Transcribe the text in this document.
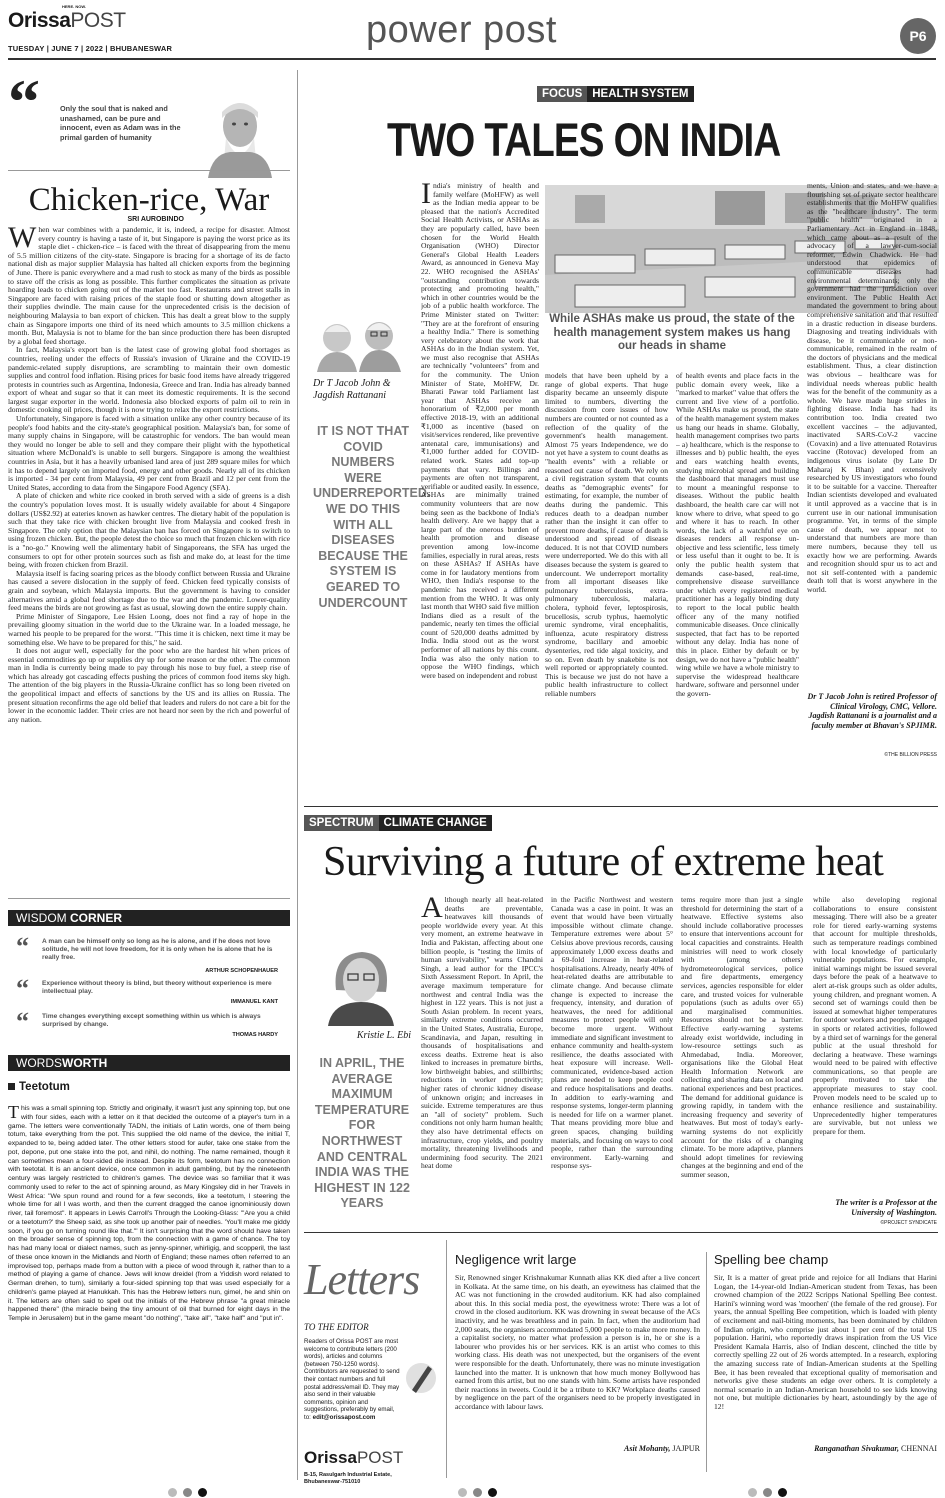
OrissaPOST
HERE. NOW.
TUESDAY | JUNE 7 | 2022 | BHUBANESWAR	power post	P6
“	Only the soul that is naked and unashamed, can be pure and innocent, even as Adam was in the primal garden of humanity
SRI AUROBINDO
Chicken-rice, War
W hen war combines with a pandemic, it is, indeed, a recipe for disaster. Almost every country is having a taste of it, but Singapore is paying the worst price as its staple diet - chicken-rice – is faced with the threat of disappearing from the menu of 5.5 million citizens of the city-state. Singapore is bracing for a shortage of its de facto national dish as major supplier Malaysia has halted all chicken exports from the beginning of June. There is panic everywhere and a mad rush to stock as many of the birds as possible to stave off the crisis as long as possible. This further complicates the situation as private hoarding leads to chicken going out of the market too fast. Restaurants and street stalls in Singapore are faced with raising prices of the staple food or shutting down altogether as their supplies dwindle. The main cause for the unprecedented crisis is the decision of neighbouring Malaysia to ban export of chicken. This has dealt a great blow to the supply chain as Singapore imports one third of its need which amounts to 3.5 million chickens a month. But, Malaysia is not to blame for the ban since production there has been disrupted by a global feed shortage.

In fact, Malaysia's export ban is the latest case of growing global food shortages as countries, reeling under the effects of Russia's invasion of Ukraine and the COVID-19 pandemic-related supply disruptions, are scrambling to maintain their own domestic supplies and control food inflation. Rising prices for basic food items have already triggered protests in countries such as Argentina, Indonesia, Greece and Iran. India has already banned export of wheat and sugar so that it can meet its domestic requirements. It is the second largest sugar exporter in the world. Indonesia also blocked exports of palm oil to rein in domestic cooking oil prices, though it is now trying to relax the export restrictions.

Unfortunately, Singapore is faced with a situation unlike any other country because of its people's food habits and the city-state's geographical position. Malaysia's ban, for some of many supply chains in Singapore, will be catastrophic for vendors. The ban would mean they would no longer be able to sell and they compare their plight with the hypothetical situation where McDonald's is unable to sell burgers. Singapore is among the wealthiest countries in Asia, but it has a heavily urbanised land area of just 289 square miles for which it has to depend largely on imported food, energy and other goods. Nearly all of its chicken is imported - 34 per cent from Malaysia, 49 per cent from Brazil and 12 per cent from the United States, according to data from the Singapore Food Agency (SFA).

A plate of chicken and white rice cooked in broth served with a side of greens is a dish the country's population loves most. It is usually widely available for about 4 Singapore dollars (US$2.92) at eateries known as hawker centres. The dietary habit of the population is such that they take rice with chicken brought live from Malaysia and cooked fresh in Singapore. The only option that the Malaysian ban has forced on Singapore is to switch to using frozen chicken. But, the people detest the choice so much that frozen chicken with rice is a "no-go." Knowing well the alimentary habit of Singaporeans, the SFA has urged the consumers to opt for other protein sources such as fish and make do, at least for the time being, with frozen chicken from Brazil.

Malaysia itself is facing soaring prices as the bloody conflict between Russia and Ukraine has caused a severe dislocation in the supply of feed. Chicken feed typically consists of grain and soybean, which Malaysia imports. But the government is having to consider alternatives amid a global feed shortage due to the war and the pandemic. Lower-quality feed means the birds are not growing as fast as usual, slowing down the entire supply chain.

Prime Minister of Singapore, Lee Hsien Loong, does not find a ray of hope in the prevailing gloomy situation in the world due to the Ukraine war. In a loaded message, he warned his people to be prepared for the worst. "This time it is chicken, next time it may be something else. We have to be prepared for this," he said.

It does not augur well, especially for the poor who are the hardest hit when prices of essential commodities go up or supplies dry up for some reason or the other. The common man in India is currently being made to pay through his nose to buy fuel, a steep rise of which has already got cascading effects pushing the prices of common food items sky high. The attention of the big players in the Russia-Ukraine conflict has so long been riveted on the geopolitical impact and effects of sanctions by the US and its allies on Russia. The present situation reconfirms the age old belief that leaders and rulers do not care a bit for the lower in the economic ladder. Their cries are not heard nor seen by the rich and powerful of any nation.

WISDOM CORNER
“ A man can be himself only so long as he is alone, and if he does not love solitude, he will not love freedom, for it is only when he is alone that he is really free.
ARTHUR SCHOPENHAUER
“ Experience without theory is blind, but theory without experience is mere intellectual play.
IMMANUEL KANT
“ Time changes everything except something within us which is always surprised by change.
THOMAS HARDY
WORDSWORTH
Teetotum
This was a small spinning top. Strictly and originally, it wasn't just any spinning top, but one with four sides, each with a letter on it that decided the outcome of a player's turn in a game. The letters were conventionally TADN, the initials of Latin words, one of them being totum, take everything from the pot. This supplied the old name of the device, the initial T, expanded to te, being added later. The other letters stood for aufer, take one stake from the pot, depone, put one stake into the pot, and nihil, do nothing. The name remained, though it can sometimes mean a four-sided die instead. Despite its form, teetotum has no connection with teetotal. It is an ancient device, once common in adult gambling, but by the nineteenth century was largely restricted to children's games. The device was so familiar that it was commonly used to refer to the act of spinning around, as Mary Kingsley did in her Travels in West Africa: "We spun round and round for a few seconds, like a teetotum, I steering the whole time for all I was worth, and then the current dragged the canoe ignominiously down river, tail foremost". It appears in Lewis Carroll's Through the Looking-Glass: "'Are you a child or a teetotum?' the Sheep said, as she took up another pair of needles. 'You'll make me giddy soon, if you go on turning round like that.'" It isn't surprising that the word should have taken on the broader sense of spinning top, from the connection with a game of chance. The toy has had many local or dialect names, such as jenny-spinner, whirligig, and scopperil, the last of these once known in the Midlands and North of England; these names often referred to an improvised top, perhaps made from a button with a piece of wood through it, rather than to a method of playing a game of chance. Jews will know dreidel (from a Yiddish word related to German drehen, to turn), similarly a four-sided spinning top that was used especially for a children's game played at Hanukkah. This has the Hebrew letters nun, gimel, he and shin on it. The letters are often said to spell out the initials of the Hebrew phrase "a great miracle happened there" (the miracle being the tiny amount of oil that burned for eight days in the Temple in Jerusalem) but in the game meant "do nothing", "take all", "take half" and "put in".
FOCUS HEALTH SYSTEM
TWO TALES ON INDIA
Dr T Jacob John & Jagdish Rattanani
IT IS NOT THAT COVID NUMBERS WERE UNDERREPORTED. WE DO THIS WITH ALL DISEASES BECAUSE THE SYSTEM IS GEARED TO UNDERCOUNT
While ASHAs make us proud, the state of the health management system makes us hang our heads in shame
India's ministry of health and family welfare (MoHFW) as well as the Indian media appear to be pleased that the nation's Accredited Social Health Activists, or ASHAs as they are popularly called, have been chosen for the World Health Organisation (WHO) Director General's Global Health Leaders Award, as announced in Geneva May 22. WHO recognised the ASHAs' "outstanding contribution towards protecting and promoting health," which in other countries would be the job of a public health workforce. The Prime Minister stated on Twitter: "They are at the forefront of ensuring a healthy India." There is something very celebratory about the work that ASHAs do in the Indian system. Yet, we must also recognise that ASHAs are technically "volunteers" from and for the community. The Union Minister of State, MoHFW, Dr. Bharati Pawar told Parliament last year that ASHAs receive an honorarium of ₹2,000 per month effective 2018-19, with an additional ₹1,000 as incentive (based on visit/services rendered, like preventive antenatal care, immunisations) and ₹1,000 further added for COVID-related work. States add top-up payments that vary. Billings and payments are often not transparent, verifiable or audited easily. In essence, ASHAs are minimally trained community volunteers that are now being seen as the backbone of India's health delivery. Are we happy that a large part of the onerous burden of health promotion and disease prevention among low-income families, especially in rural areas, rests on these ASHAs? If ASHAs have come in for laudatory mentions from WHO, then India's response to the pandemic has received a different mention from the WHO. It was only last month that WHO said five million Indians died as a result of the pandemic, nearly ten times the official count of 520,000 deaths admitted by India. India stood out as the worst performer of all nations by this count. India was also the only nation to oppose the WHO findings, which were based on independent and robust
models that have been upheld by a range of global experts. That huge disparity became an unseemly dispute limited to numbers, diverting the discussion from core issues of how numbers are counted or not counted as a reflection of the quality of the government's health management. Almost 75 years Independence, we do not yet have a system to count deaths as "health events" with a reliable or reasoned out cause of death. We rely on a civil registration system that counts deaths as "demographic events" for estimating, for example, the number of deaths during the pandemic. This reduces death to a deadpan number rather than the insight it can offer to prevent more deaths, if cause of death is understood and spread of disease deduced. It is not that COVID numbers were underreported. We do this with all diseases because the system is geared to undercount. We underreport mortality from all important diseases like pulmonary tuberculosis, extra-pulmonary tuberculosis, malaria, cholera, typhoid fever, leptospirosis, brucellosis, scrub typhus, haemolytic uremic syndrome, viral encephalitis, influenza, acute respiratory distress syndrome, bacillary and amoebic dysenteries, red tide algal toxicity, and so on. Even death by snakebite is not well reported or appropriately counted. This is because we just do not have a public health infrastructure to collect reliable numbers
of health events and place facts in the public domain every week, like a "marked to market" value that offers the current and live view of a portfolio. While ASHAs make us proud, the state of the health management system makes us hang our heads in shame. Globally, health management comprises two parts – a) healthcare, which is the response to illnesses and b) public health, the eyes and ears watching health events, studying microbial spread and building the dashboard that managers must use to mount a meaningful response to diseases. Without the public health dashboard, the health care car will not know where to drive, what speed to go and where it has to reach. In other words, the lack of a watchful eye on diseases renders all response un-objective and less scientific, less timely or less useful than it ought to be. It is only the public health system that demands case-based, real-time, comprehensive disease surveillance under which every registered medical practitioner has a legally binding duty to report to the local public health officer any of the many notified communicable diseases. Once clinically suspected, that fact has to be reported without any delay. India has none of this in place. Either by default or by design, we do not have a "public health" wing while we have a whole ministry to supervise the widespread healthcare hardware, software and personnel under the govern-
ments, Union and states, and we have a flourishing set of private sector healthcare establishments that the MoHFW qualifies as the "healthcare industry". The term "public health" originated in a Parliamentary Act in England in 1848, which came about as a result of the advocacy of a lawyer-cum-social reformer, Edwin Chadwick. He had understood that epidemics of communicable diseases had environmental determinants; only the government had the jurisdiction over environment. The Public Health Act mandated the government to bring about comprehensive sanitation and that resulted in a drastic reduction in disease burdens. Diagnosing and treating individuals with disease, be it communicable or non-communicable, remained in the realm of the doctors of physicians and the medical establishment. Thus, a clear distinction was obvious – healthcare was for individual needs whereas public health was for the benefit of the community as a whole. We have made huge strides in fighting disease. India has had its contribution too. India created two excellent vaccines – the adjuvanted, inactivated SARS-CoV-2 vaccine (Covaxin) and a live attenuated Rotavirus vaccine (Rotovac) developed from an indigenous virus isolate (by Late Dr Maharaj K Bhan) and extensively researched by US investigators who found it to be suitable for a vaccine. Thereafter Indian scientists developed and evaluated it until approved as a vaccine that is in current use in our national immunisation programme. Yet, in terms of the simple cause of death, we appear not to understand that numbers are more than mere numbers, because they tell us exactly how we are performing. Awards and recognition should spur us to act and not sit self-contented with a pandemic death toll that is worst anywhere in the world.
Dr T Jacob John is retired Professor of Clinical Virology, CMC, Vellore. Jagdish Rattanani is a journalist and a faculty member at Bhavan's SPJIMR.
©THE BILLION PRESS
SPECTRUM CLIMATE CHANGE
Surviving a future of extreme heat
Kristie L. Ebi
IN APRIL, THE AVERAGE MAXIMUM TEMPERATURE FOR NORTHWEST AND CENTRAL INDIA WAS THE HIGHEST IN 122 YEARS
Although nearly all heat-related deaths are preventable, heatwaves kill thousands of people worldwide every year. At this very moment, an extreme heatwave in India and Pakistan, affecting about one billion people, is "testing the limits of human survivability," warns Chandni Singh, a lead author for the IPCC's Sixth Assessment Report. In April, the average maximum temperature for northwest and central India was the highest in 122 years. This is not just a South Asian problem. In recent years, similarly extreme conditions occurred in the United States, Australia, Europe, Scandinavia, and Japan, resulting in thousands of hospitalisations and excess deaths. Extreme heat is also linked to increases in premature births, low birthweight babies, and stillbirths; reductions in worker productivity; higher rates of chronic kidney disease of unknown origin; and increases in suicide. Extreme temperatures are thus an "all of society" problem. Such conditions not only harm human health; they also have detrimental effects on infrastructure, crop yields, and poultry mortality, threatening livelihoods and undermining food security. The 2021 heat dome
in the Pacific Northwest and western Canada was a case in point. It was an event that would have been virtually impossible without climate change. Temperature extremes were about 5° Celsius above previous records, causing approximately 1,000 excess deaths and a 69-fold increase in heat-related hospitalisations. Already, nearly 40% of heat-related deaths are attributable to climate change. And because climate change is expected to increase the frequency, intensity, and duration of heatwaves, the need for additional measures to protect people will only become more urgent. Without immediate and significant investment to enhance community and health-system resilience, the deaths associated with heat exposure will increase. Well-communicated, evidence-based action plans are needed to keep people cool and reduce hospitalisations and deaths. In addition to early-warning and response systems, longer-term planning is needed for life on a warmer planet. That means providing more blue and green spaces, changing building materials, and focusing on ways to cool people, rather than the surrounding environment. Early-warning and response sys-
tems require more than just a single threshold for determining the start of a heatwave. Effective systems also should include collaborative processes to ensure that interventions account for local capacities and constraints. Health ministries will need to work closely with (among others) hydrometeorological services, police and fire departments, emergency services, agencies responsible for elder care, and trusted voices for vulnerable populations (such as adults over 65) and marginalised communities. Resources should not be a barrier. Effective early-warning systems already exist worldwide, including in low-resource settings such as Ahmedabad, India. Moreover, organisations like the Global Heat Health Information Network are collecting and sharing data on local and national experiences and best practices. The demand for additional guidance is growing rapidly, in tandem with the increasing frequency and severity of heatwaves. But most of today's early-warning systems do not explicitly account for the risks of a changing climate. To be more adaptive, planners should adopt timelines for reviewing changes at the beginning and end of the summer season,
while also developing regional collaborations to ensure consistent messaging. There will also be a greater role for tiered early-warning systems that account for multiple thresholds, such as temperature readings combined with local knowledge of particularly vulnerable populations. For example, initial warnings might be issued several days before the peak of a heatwave to alert at-risk groups such as older adults, young children, and pregnant women. A second set of warnings could then be issued at somewhat higher temperatures for outdoor workers and people engaged in sports or related activities, followed by a third set of warnings for the general public at the usual threshold for declaring a heatwave. These warnings would need to be paired with effective communications, so that people are properly motivated to take the appropriate measures to stay cool. Proven models need to be scaled up to enhance resilience and sustainability. Unprecedentedly higher temperatures are survivable, but not unless we prepare for them.
The writer is a Professor at the University of Washington.
©PROJECT SYNDICATE
Letters
TO THE EDITOR
Readers of Orissa POST are most welcome to contribute letters (200 words), articles and columns (between 750-1250 words). Contributors are requested to send their contact numbers and full postal address/email ID. They may also send in their valuable comments, opinion and suggestions, preferably by email, to: edit@orissapost.com
OrissaPOST
B-15, Rasulgarh Industrial Estate, Bhubaneswar-751010
Negligence writ large
Sir, Renowned singer Krishnakumar Kunnath alias KK died after a live concert in Kolkata. At the same time, on his death, an eyewitness has claimed that the AC was not functioning in the crowded auditorium. KK had also complained about this. In this social media post, the eyewitness wrote: There was a lot of crowd in the closed auditorium. KK was drowning in sweat because of the ACs inactivity, and he was breathless and in pain. In fact, when the auditorium had 2,000 seats, the organisers accommodated 5,000 people to make more money. In a capitalist society, no matter what profession a person is in, he or she is a labourer who provides his or her services. KK is an artist who comes to this working class. His death was not unexpected, but the organisers of the event were responsible for the death. Unfortunately, there was no minute investigation launched into the matter. It is unknown that how much money Bollywood has earned from this artist, but no one stands with him. Some artists have responded their reactions in tweets. Could it be a tribute to KK? Workplace deaths caused by negligence on the part of the organisers need to be properly investigated in accordance with labour laws.
Asit Mohanty, JAJPUR
Spelling bee champ
Sir, It is a matter of great pride and rejoice for all Indians that Harini Logan, the 14-year-old Indian-American student from Texas, has been crowned champion of the 2022 Scripps National Spelling Bee contest. Harini's winning word was 'moorhen' (the female of the red grouse). For years, the annual Spelling Bee competition, which is loaded with plenty of excitement and nail-biting moments, has been dominated by children of Indian origin, who comprise just about 1 per cent of the total US population. Harini, who reportedly draws inspiration from the US Vice President Kamala Harris, also of Indian descent, clinched the title by correctly spelling 22 out of 26 words attempted. In a research, exploring the amazing success rate of Indian-American students at the Spelling Bee, it has been revealed that exceptional quality of memorisation and networks give these students an edge over others. It is completely a normal scenario in an Indian-American household to see kids knowing not one, but multiple dictionaries by heart, astoundingly by the age of 12!
Ranganathan Sivakumar, CHENNAI
